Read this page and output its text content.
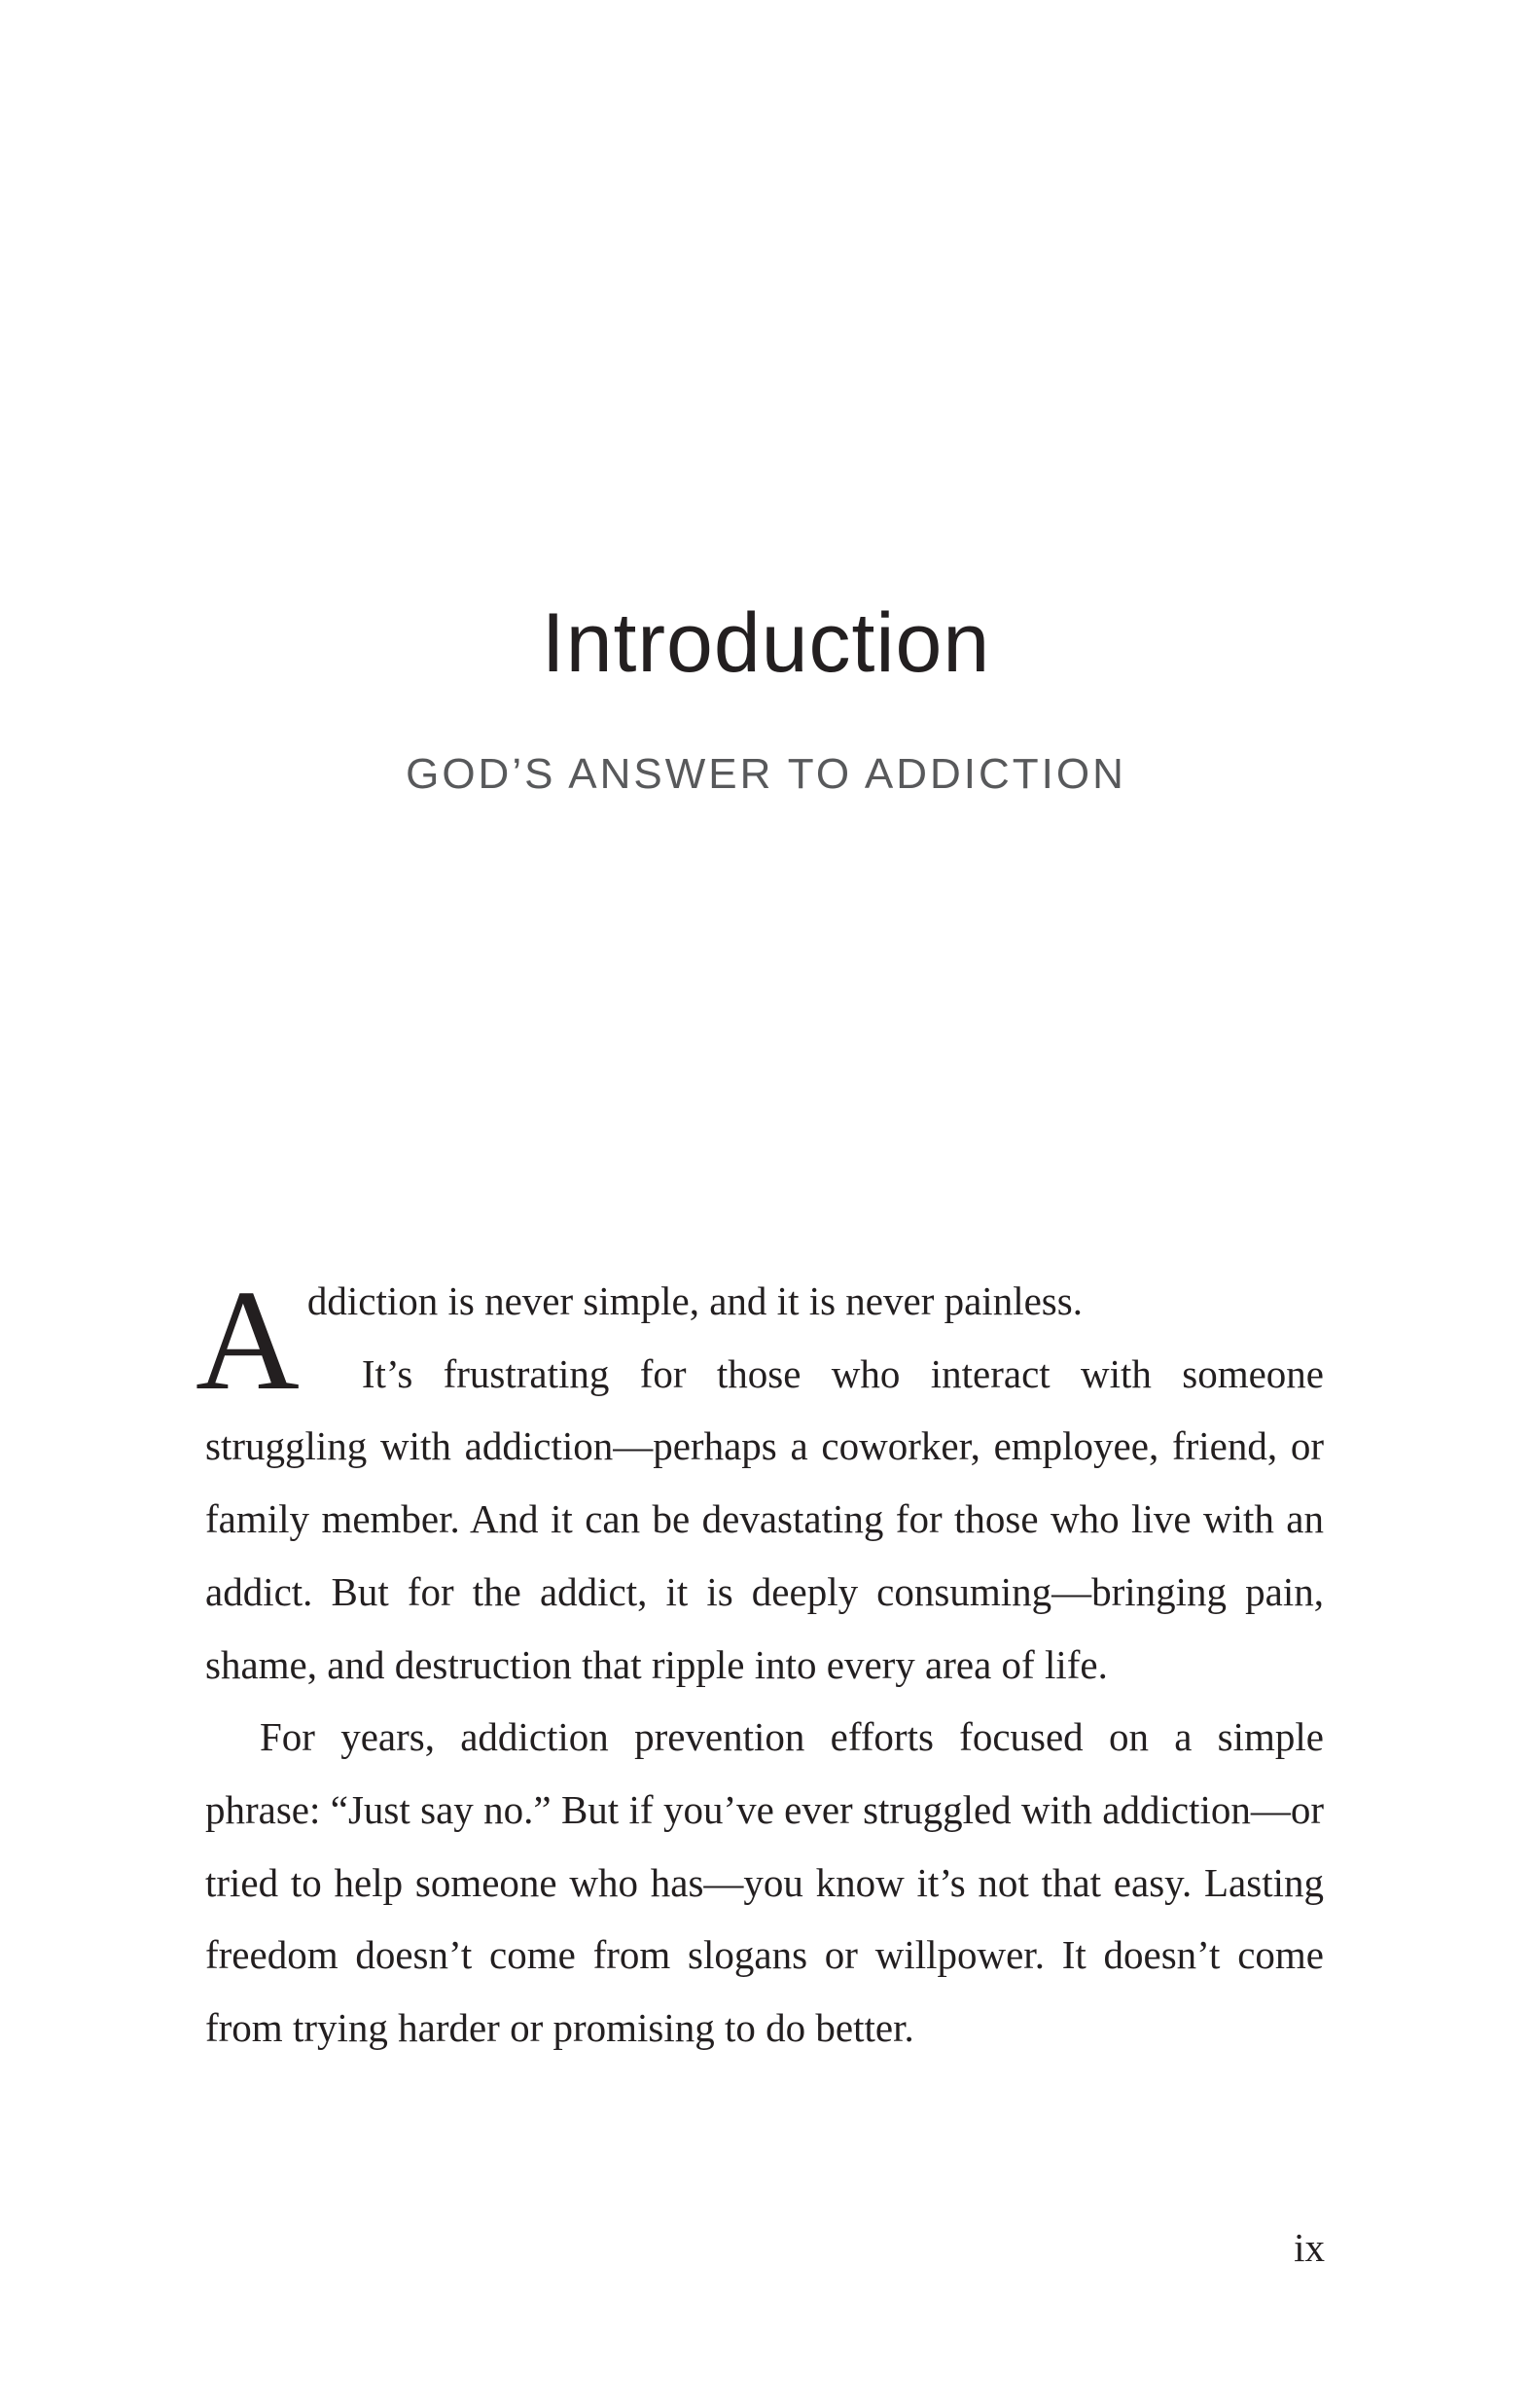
Introduction
GOD’S ANSWER TO ADDICTION
A ddiction is never simple, and it is never painless.

It’s frustrating for those who interact with someone struggling with addiction—perhaps a coworker, employee, friend, or family member. And it can be devastating for those who live with an addict. But for the addict, it is deeply consuming—bringing pain, shame, and destruction that ripple into every area of life.

For years, addiction prevention efforts focused on a simple phrase: “Just say no.” But if you’ve ever struggled with addiction—or tried to help someone who has—you know it’s not that easy. Lasting freedom doesn’t come from slogans or willpower. It doesn’t come from trying harder or promising to do better.

ix
